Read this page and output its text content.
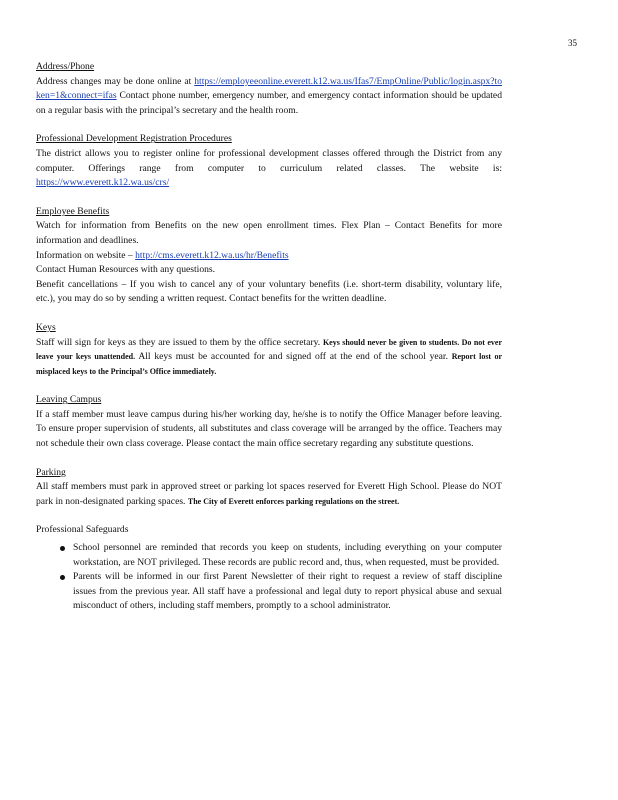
35
Address/Phone
Address changes may be done online at https://employeeonline.everett.k12.wa.us/Ifas7/EmpOnline/Public/login.aspx?token=1&connect=ifas Contact phone number, emergency number, and emergency contact information should be updated on a regular basis with the principal’s secretary and the health room.
Professional Development Registration Procedures
The district allows you to register online for professional development classes offered through the District from any computer. Offerings range from computer to curriculum related classes. The website is: https://www.everett.k12.wa.us/crs/
Employee Benefits
Watch for information from Benefits on the new open enrollment times. Flex Plan – Contact Benefits for more information and deadlines.
Information on website – http://cms.everett.k12.wa.us/hr/Benefits
Contact Human Resources with any questions.
Benefit cancellations – If you wish to cancel any of your voluntary benefits (i.e. short-term disability, voluntary life, etc.), you may do so by sending a written request. Contact benefits for the written deadline.
Keys
Staff will sign for keys as they are issued to them by the office secretary. Keys should never be given to students. Do not ever leave your keys unattended. All keys must be accounted for and signed off at the end of the school year. Report lost or misplaced keys to the Principal’s Office immediately.
Leaving Campus
If a staff member must leave campus during his/her working day, he/she is to notify the Office Manager before leaving. To ensure proper supervision of students, all substitutes and class coverage will be arranged by the office. Teachers may not schedule their own class coverage. Please contact the main office secretary regarding any substitute questions.
Parking
All staff members must park in approved street or parking lot spaces reserved for Everett High School. Please do NOT park in non-designated parking spaces. The City of Everett enforces parking regulations on the street.
Professional Safeguards
School personnel are reminded that records you keep on students, including everything on your computer workstation, are NOT privileged. These records are public record and, thus, when requested, must be provided.
Parents will be informed in our first Parent Newsletter of their right to request a review of staff discipline issues from the previous year. All staff have a professional and legal duty to report physical abuse and sexual misconduct of others, including staff members, promptly to a school administrator.
